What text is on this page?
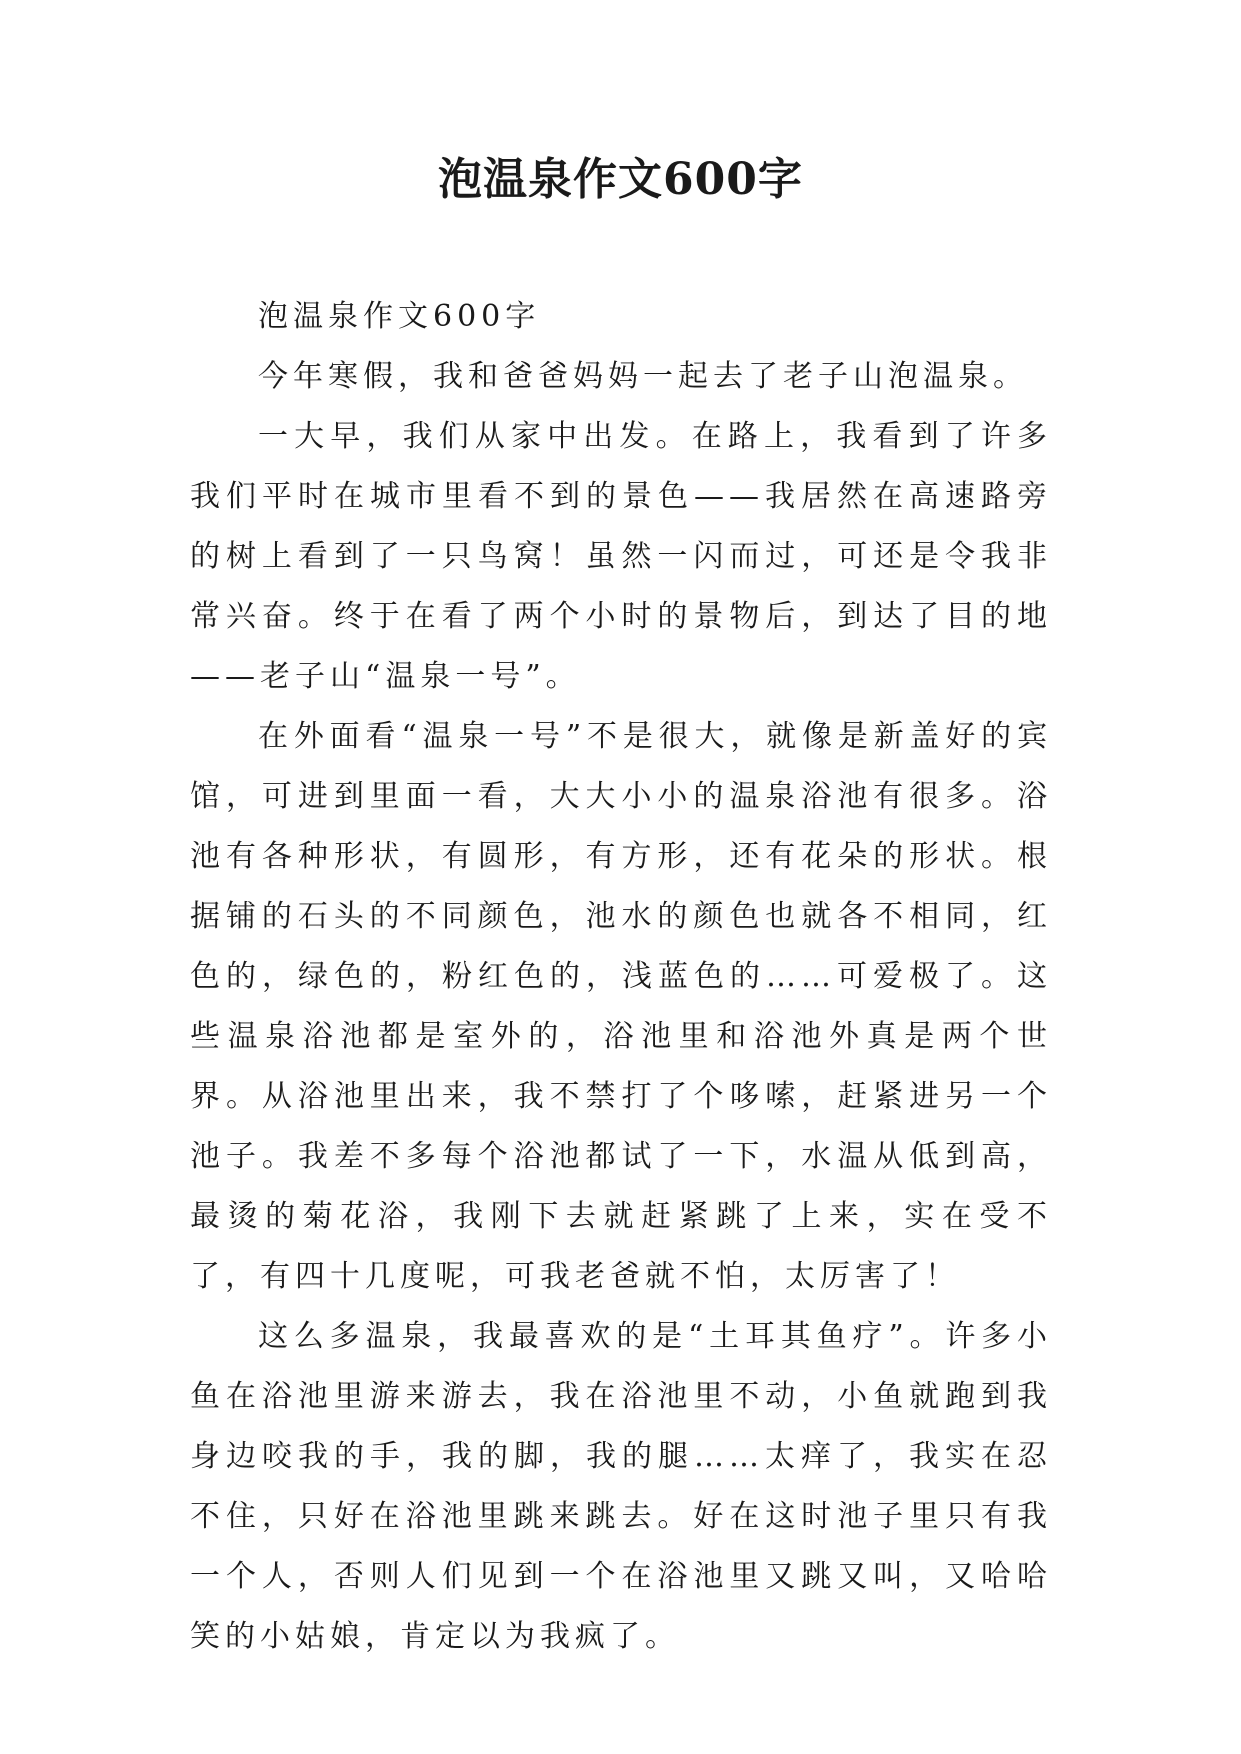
泡温泉作文600字

泡温泉作文600字

今年寒假，我和爸爸妈妈一起去了老子山泡温泉。

一大早，我们从家中出发。在路上，我看到了许多我们平时在城市里看不到的景色——我居然在高速路旁的树上看到了一只鸟窝！虽然一闪而过，可还是令我非常兴奋。终于在看了两个小时的景物后，到达了目的地——老子山“温泉一号”。

在外面看“温泉一号”不是很大，就像是新盖好的宾馆，可进到里面一看，大大小小的温泉浴池有很多。浴池有各种形状，有圆形，有方形，还有花朵的形状。根据铺的石头的不同颜色，池水的颜色也就各不相同，红色的，绿色的，粉红色的，浅蓝色的……可爱极了。这些温泉浴池都是室外的，浴池里和浴池外真是两个世界。从浴池里出来，我不禁打了个哆嗦，赶紧进另一个池子。我差不多每个浴池都试了一下，水温从低到高，最烫的菊花浴，我刚下去就赶紧跳了上来，实在受不了，有四十几度呢，可我老爸就不怕，太厉害了！

这么多温泉，我最喜欢的是“土耳其鱼疗”。许多小鱼在浴池里游来游去，我在浴池里不动，小鱼就跑到我身边咬我的手，我的脚，我的腿……太痒了，我实在忍不住，只好在浴池里跳来跳去。好在这时池子里只有我一个人，否则人们见到一个在浴池里又跳又叫，又哈哈笑的小姑娘，肯定以为我疯了。
